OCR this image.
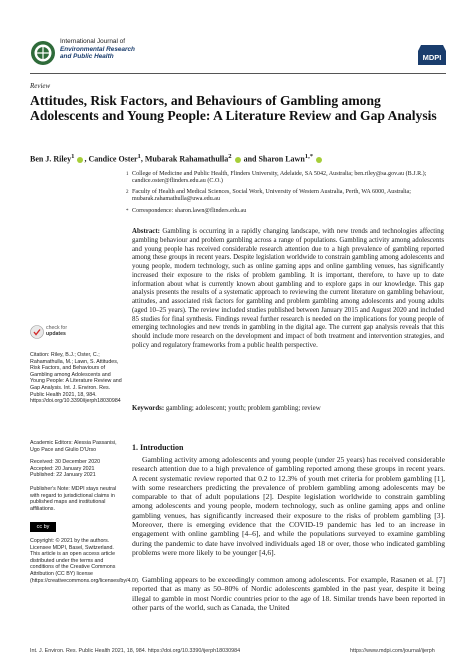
International Journal of
Environmental Research
and Public Health	MDPI
Review
Attitudes, Risk Factors, and Behaviours of Gambling among Adolescents and Young People: A Literature Review and Gap Analysis
Ben J. Riley$^1$ , Candice Oster$^1$, Mubarak Rahamathulla$^2$  and Sharon Lawn$^{1,*}$
1 College of Medicine and Public Health, Flinders University, Adelaide, SA 5042, Australia; ben.riley@sa.gov.au (B.J.R.); candice.oster@flinders.edu.au (C.O.)
2 Faculty of Health and Medical Sciences, Social Work, University of Western Australia, Perth, WA 6000, Australia; mubarak.rahamathulla@uwa.edu.au
* Correspondence: sharon.lawn@flinders.edu.au
Abstract: Gambling is occurring in a rapidly changing landscape, with new trends and technologies affecting gambling behaviour and problem gambling across a range of populations. Gambling activity among adolescents and young people has received considerable research attention due to a high prevalence of gambling reported among these groups in recent years. Despite legislation worldwide to constrain gambling among adolescents and young people, modern technology, such as online gaming apps and online gambling venues, has significantly increased their exposure to the risks of problem gambling. It is important, therefore, to have up to date information about what is currently known about gambling and to explore gaps in our knowledge. This gap analysis presents the results of a systematic approach to reviewing the current literature on gambling behaviour, attitudes, and associated risk factors for gambling and problem gambling among adolescents and young adults (aged 10–25 years). The review included studies published between January 2015 and August 2020 and included 85 studies for final synthesis. Findings reveal further research is needed on the implications for young people of emerging technologies and new trends in gambling in the digital age. The current gap analysis reveals that this should include more research on the development and impact of both treatment and intervention strategies, and policy and regulatory frameworks from a public health perspective.
Keywords: gambling; adolescent; youth; problem gambling; review
check for
updates
Citation: Riley, B.J.; Oster, C.; Rahamathulla, M.; Lawn, S. Attitudes, Risk Factors, and Behaviours of Gambling among Adolescents and Young People: A Literature Review and Gap Analysis. Int. J. Environ. Res. Public Health 2021, 18, 984. https://doi.org/10.3390/ijerph18030984
Academic Editors: Alessia Passanisi, Ugo Pace and Giulio D'Urso
Received: 30 December 2020
Accepted: 20 January 2021
Published: 22 January 2021
Publisher's Note: MDPI stays neutral with regard to jurisdictional claims in published maps and institutional affiliations.
cc by
Copyright: © 2021 by the authors. Licensee MDPI, Basel, Switzerland. This article is an open access article distributed under the terms and conditions of the Creative Commons Attribution (CC BY) license (https://creativecommons.org/licenses/by/4.0/).
1. Introduction
Gambling activity among adolescents and young people (under 25 years) has received considerable research attention due to a high prevalence of gambling reported among these groups in recent years. A recent systematic review reported that 0.2 to 12.3% of youth met criteria for problem gambling [1], with some researchers predicting the prevalence of problem gambling among adolescents may be comparable to that of adult populations [2]. Despite legislation worldwide to constrain gambling among adolescents and young people, modern technology, such as online gaming apps and online gambling venues, has significantly increased their exposure to the risks of problem gambling [3]. Moreover, there is emerging evidence that the COVID-19 pandemic has led to an increase in engagement with online gambling [4–6], and while the populations surveyed to examine gambling during the pandemic to date have involved individuals aged 18 or over, those who indicated gambling problems were more likely to be younger [4,6].
Gambling appears to be exceedingly common among adolescents. For example, Rasanen et al. [7] reported that as many as 50–80% of Nordic adolescents gambled in the past year, despite it being illegal to gamble in most Nordic countries prior to the age of 18. Similar trends have been reported in other parts of the world, such as Canada, the United
Int. J. Environ. Res. Public Health 2021, 18, 984. https://doi.org/10.3390/ijerph18030984	https://www.mdpi.com/journal/ijerph
